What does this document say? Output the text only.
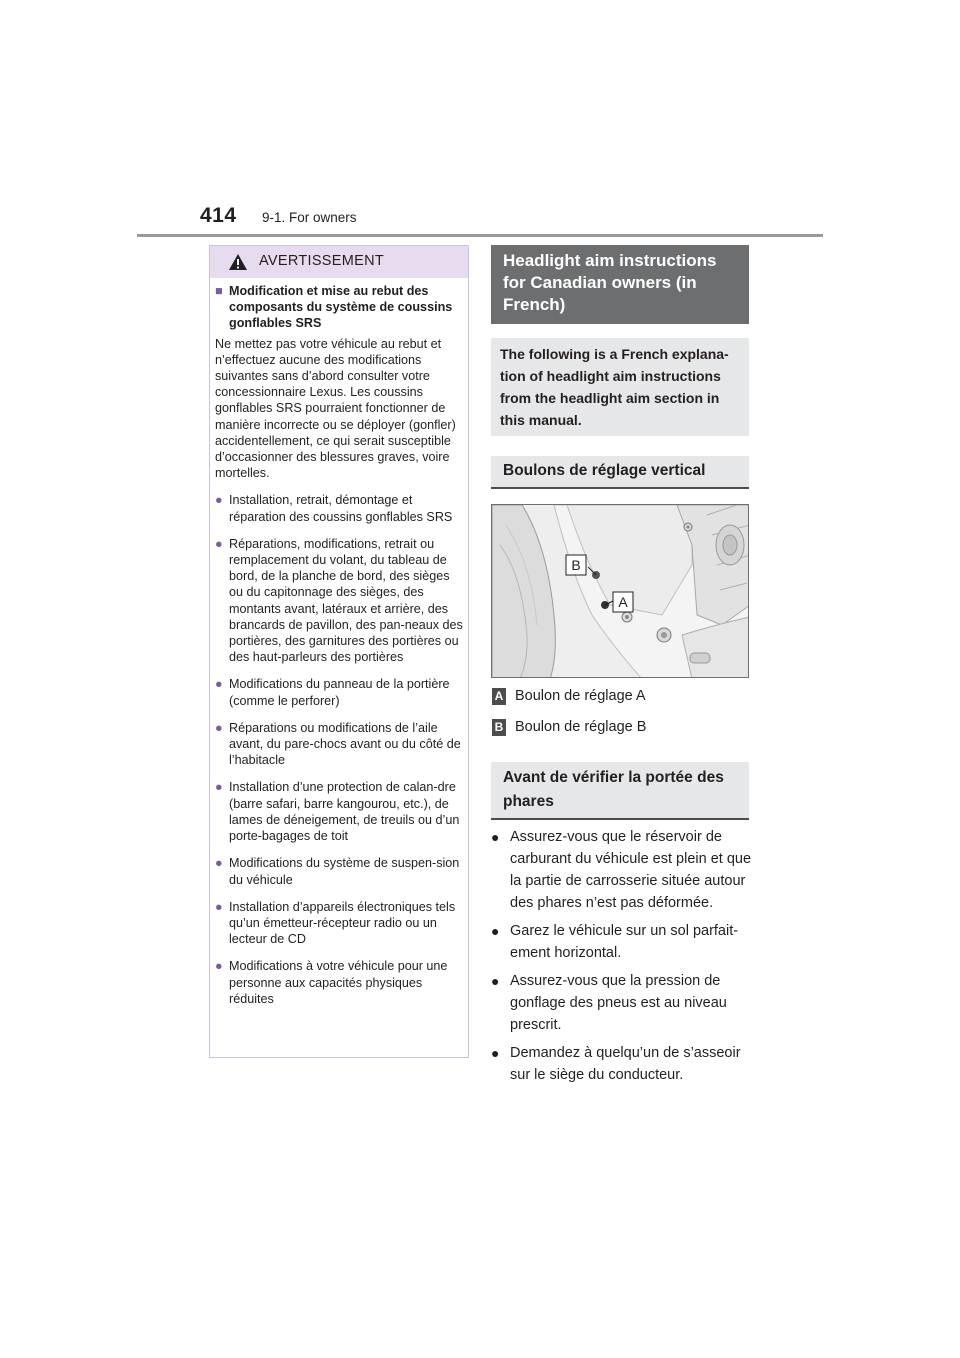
414 9-1. For owners
AVERTISSEMENT

■ Modification et mise au rebut des composants du système de coussins gonflables SRS

Ne mettez pas votre véhicule au rebut et n’effectuez aucune des modifications suivantes sans d’abord consulter votre concessionnaire Lexus. Les coussins gonflables SRS pourraient fonctionner de manière incorrecte ou se déployer (gonfler) accidentellement, ce qui serait susceptible d’occasionner des blessures graves, voire mortelles.

● Installation, retrait, démontage et réparation des coussins gonflables SRS

● Réparations, modifications, retrait ou remplacement du volant, du tableau de bord, de la planche de bord, des sièges ou du capitonnage des sièges, des montants avant, latéraux et arrière, des brancards de pavillon, des pan-neaux des portières, des garnitures des portières ou des haut-parleurs des portières

● Modifications du panneau de la portière (comme le perforer)

● Réparations ou modifications de l’aile avant, du pare-chocs avant ou du côté de l’habitacle

● Installation d’une protection de calan-dre (barre safari, barre kangourou, etc.), de lames de déneigement, de treuils ou d’un porte-bagages de toit

● Modifications du système de suspen-sion du véhicule

● Installation d’appareils électroniques tels qu’un émetteur-récepteur radio ou un lecteur de CD

● Modifications à votre véhicule pour une personne aux capacités physiques réduites

Headlight aim instructions for Canadian owners (in French)
The following is a French explana-tion of headlight aim instructions from the headlight aim section in this manual.
Boulons de réglage vertical
B
A
A Boulon de réglage A
B Boulon de réglage B
Avant de vérifier la portée des phares

● Assurez-vous que le réservoir de carburant du véhicule est plein et que la partie de carrosserie située autour des phares n’est pas déformée.

● Garez le véhicule sur un sol parfait-ement horizontal.

● Assurez-vous que la pression de gonflage des pneus est au niveau prescrit.

● Demandez à quelqu’un de s’asseoir sur le siège du conducteur.
